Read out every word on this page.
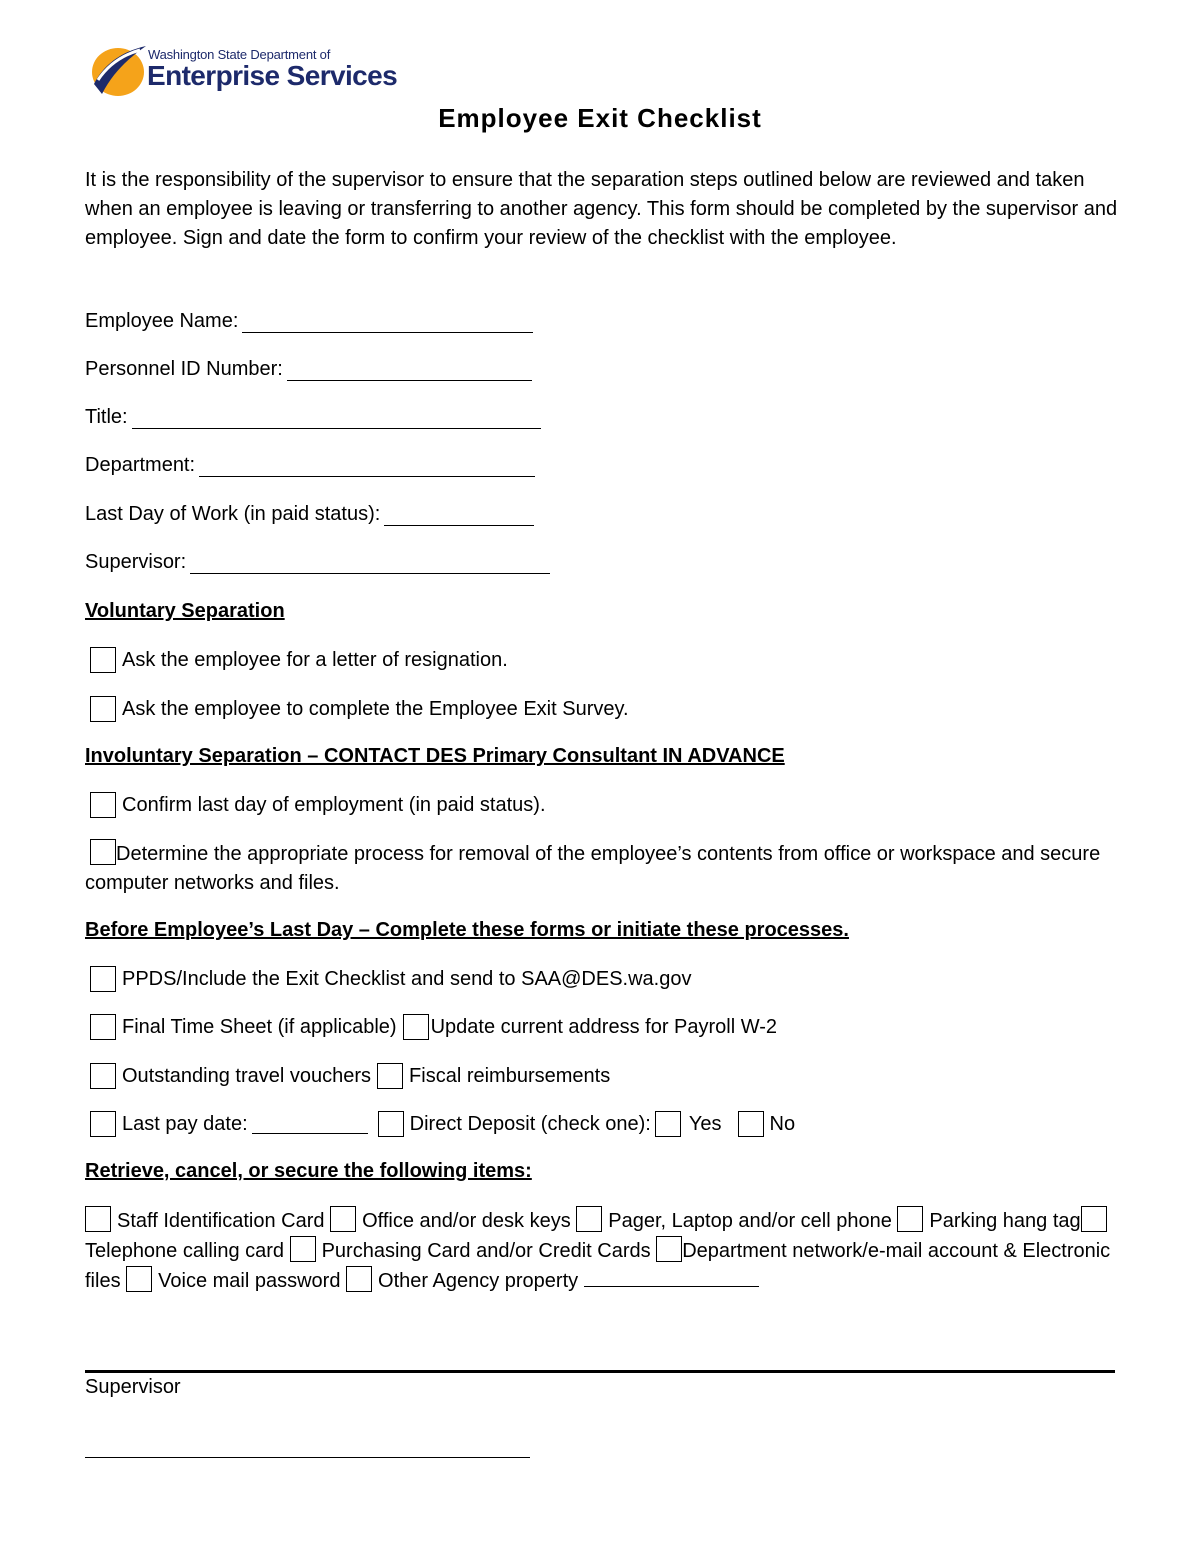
Washington State Department of
Enterprise Services
Employee Exit Checklist
It is the responsibility of the supervisor to ensure that the separation steps outlined below are reviewed and taken when an employee is leaving or transferring to another agency. This form should be completed by the supervisor and employee. Sign and date the form to confirm your review of the checklist with the employee.
Employee Name:
Personnel ID Number:
Title:
Department:
Last Day of Work (in paid status):
Supervisor:
Voluntary Separation
Ask the employee for a letter of resignation.
Ask the employee to complete the Employee Exit Survey.
Involuntary Separation – CONTACT DES Primary Consultant IN ADVANCE
Confirm last day of employment (in paid status).
Determine the appropriate process for removal of the employee’s contents from office or workspace and secure computer networks and files.
Before Employee’s Last Day – Complete these forms or initiate these processes.
PPDS/Include the Exit Checklist and send to SAA@DES.wa.gov
Final Time Sheet (if applicable) Update current address for Payroll W-2
Outstanding travel vouchers Fiscal reimbursements
Last pay date:	Direct Deposit (check one): Yes No
Retrieve, cancel, or secure the following items:
Staff Identification Card Office and/or desk keys Pager, Laptop and/or cell phone Parking hang tagTelephone calling card Purchasing Card and/or Credit Cards Department network/e-mail account & Electronic files Voice mail password Other Agency property
Supervisor
